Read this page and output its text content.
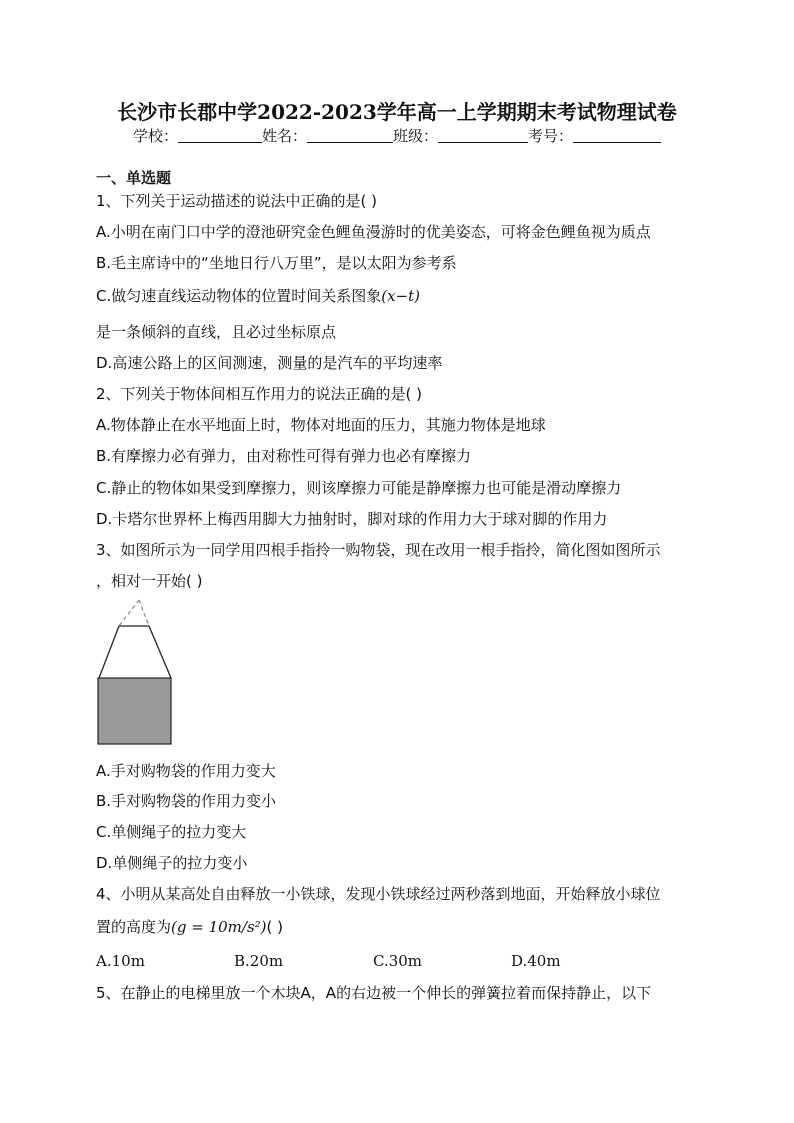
长沙市长郡中学2022-2023学年高一上学期期末考试物理试卷
学校：	姓名：	班级：	考号：
一、单选题
1、下列关于运动描述的说法中正确的是( )
A.小明在南门口中学的澄池研究金色鲤鱼漫游时的优美姿态，可将金色鲤鱼视为质点
B.毛主席诗中的“坐地日行八万里”，是以太阳为参考系
C.做匀速直线运动物体的位置时间关系图象(x−t)
是一条倾斜的直线，且必过坐标原点
D.高速公路上的区间测速，测量的是汽车的平均速率
2、下列关于物体间相互作用力的说法正确的是( )
A.物体静止在水平地面上时，物体对地面的压力，其施力物体是地球
B.有摩擦力必有弹力，由对称性可得有弹力也必有摩擦力
C.静止的物体如果受到摩擦力，则该摩擦力可能是静摩擦力也可能是滑动摩擦力
D.卡塔尔世界杯上梅西用脚大力抽射时，脚对球的作用力大于球对脚的作用力
3、如图所示为一同学用四根手指拎一购物袋，现在改用一根手指拎，简化图如图所示
，相对一开始( )
A.手对购物袋的作用力变大
B.手对购物袋的作用力变小
C.单侧绳子的拉力变大
D.单侧绳子的拉力变小
4、小明从某高处自由释放一小铁球，发现小铁球经过两秒落到地面，开始释放小球位
置的高度为(g = 10m/s²)( )
A.10m	B.20m	C.30m	D.40m
5、在静止的电梯里放一个木块A，A的右边被一个伸长的弹簧拉着而保持静止，以下
